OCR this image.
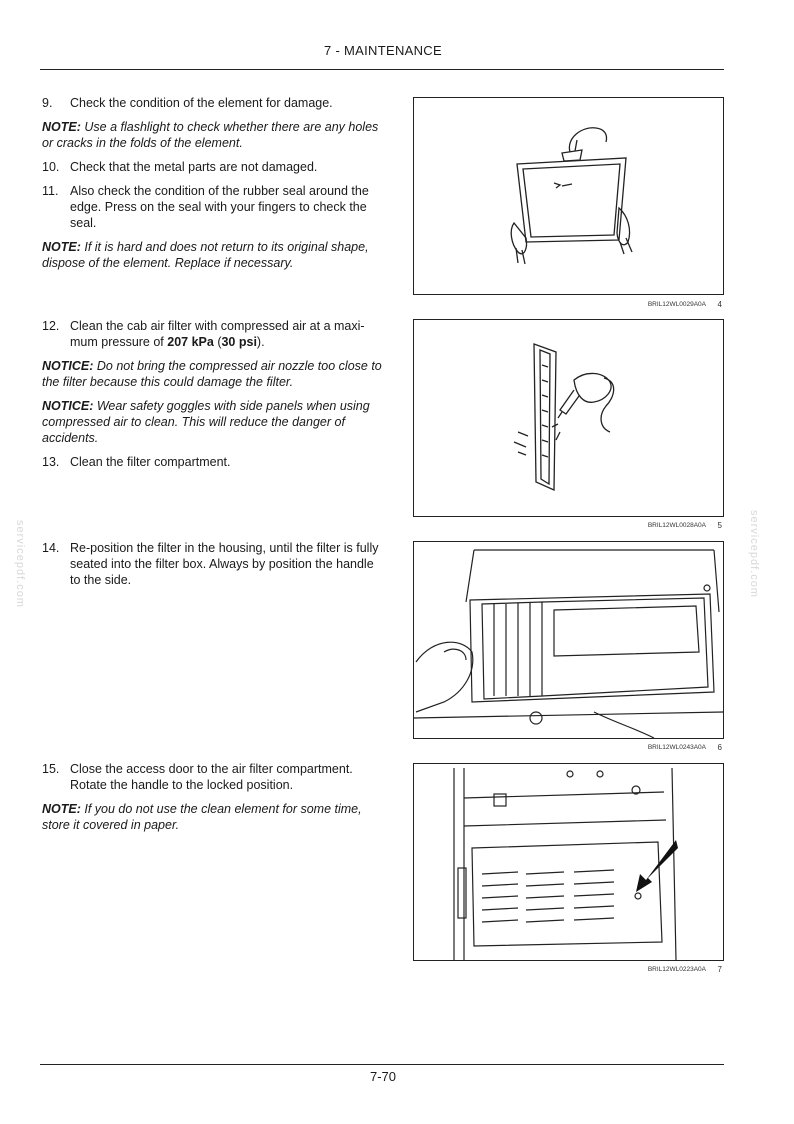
7 - MAINTENANCE
9. Check the condition of the element for damage.
NOTE: Use a flashlight to check whether there are any holes or cracks in the folds of the element.
10. Check that the metal parts are not damaged.
11. Also check the condition of the rubber seal around the edge. Press on the seal with your fingers to check the seal.
NOTE: If it is hard and does not return to its original shape, dispose of the element. Replace if necessary.
BRIL12WL0029A0A 4
12. Clean the cab air filter with compressed air at a maxi-mum pressure of 207 kPa (30 psi).
NOTICE: Do not bring the compressed air nozzle too close to the filter because this could damage the filter.
NOTICE: Wear safety goggles with side panels when using compressed air to clean. This will reduce the danger of accidents.
13. Clean the filter compartment.
BRIL12WL0028A0A 5
14. Re-position the filter in the housing, until the filter is fully seated into the filter box. Always by position the handle to the side.
BRIL12WL0243A0A 6
15. Close the access door to the air filter compartment. Rotate the handle to the locked position.
NOTE: If you do not use the clean element for some time, store it covered in paper.
BRIL12WL0223A0A 7
servicepdf.com	servicepdf.com
7-70
